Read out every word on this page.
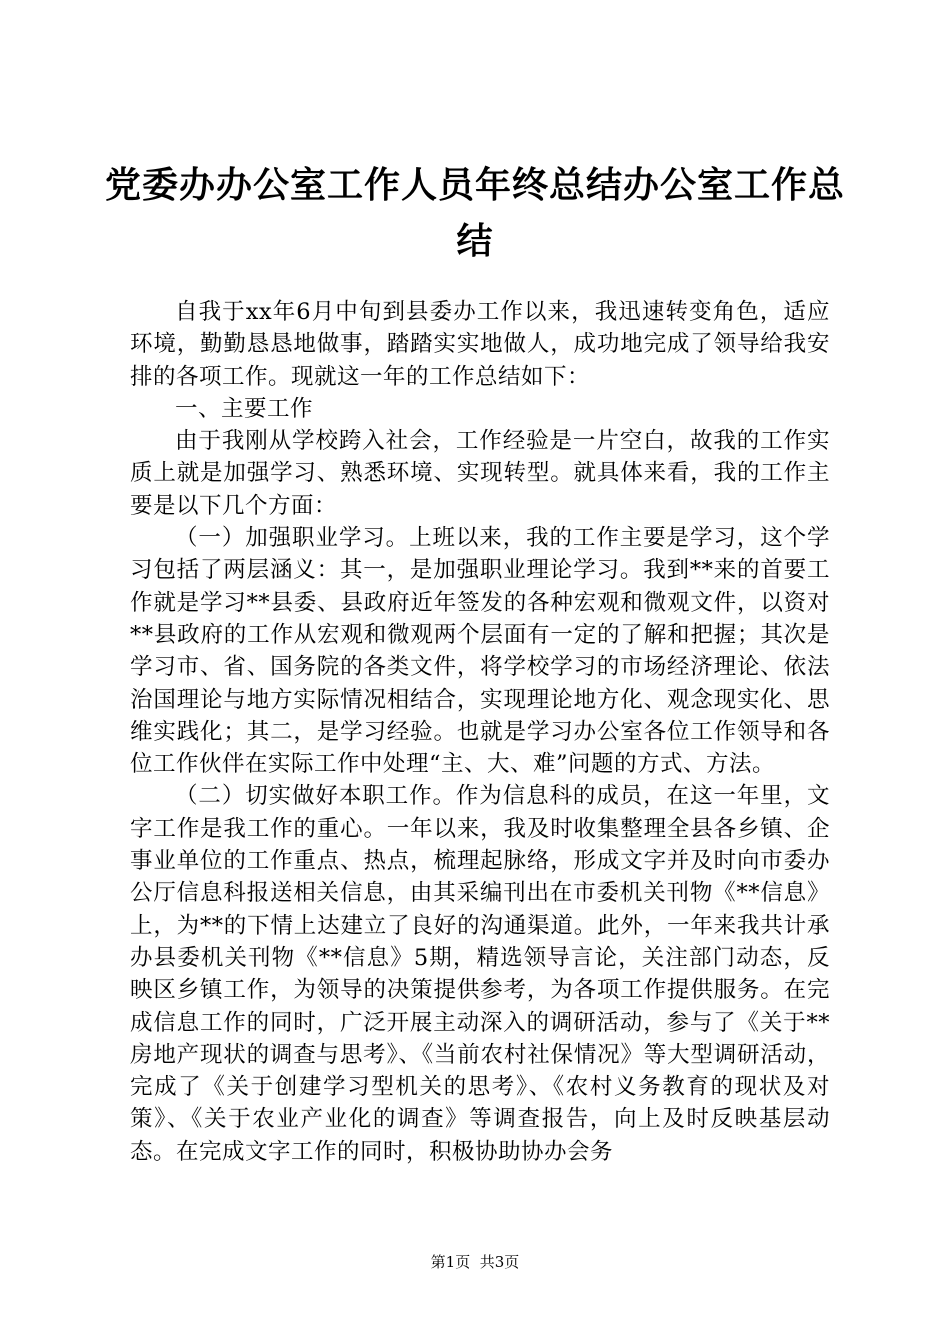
党委办办公室工作人员年终总结办公室工作总
结

自我于xx年6月中旬到县委办工作以来，我迅速转变角色，适应环境，勤勤恳恳地做事，踏踏实实地做人，成功地完成了领导给我安排的各项工作。现就这一年的工作总结如下：

一、主要工作

由于我刚从学校跨入社会，工作经验是一片空白，故我的工作实质上就是加强学习、熟悉环境、实现转型。就具体来看，我的工作主要是以下几个方面：

（一）加强职业学习。上班以来，我的工作主要是学习，这个学习包括了两层涵义：其一，是加强职业理论学习。我到**来的首要工作就是学习**县委、县政府近年签发的各种宏观和微观文件，以资对**县政府的工作从宏观和微观两个层面有一定的了解和把握；其次是学习市、省、国务院的各类文件，将学校学习的市场经济理论、依法治国理论与地方实际情况相结合，实现理论地方化、观念现实化、思维实践化；其二，是学习经验。也就是学习办公室各位工作领导和各位工作伙伴在实际工作中处理“主、大、难”问题的方式、方法。

（二）切实做好本职工作。作为信息科的成员，在这一年里，文字工作是我工作的重心。一年以来，我及时收集整理全县各乡镇、企事业单位的工作重点、热点，梳理起脉络，形成文字并及时向市委办公厅信息科报送相关信息，由其采编刊出在市委机关刊物《**信息》上，为**的下情上达建立了良好的沟通渠道。此外，一年来我共计承办县委机关刊物《**信息》5期，精选领导言论，关注部门动态，反映区乡镇工作，为领导的决策提供参考，为各项工作提供服务。在完成信息工作的同时，广泛开展主动深入的调研活动，参与了《关于**房地产现状的调查与思考》、《当前农村社保情况》等大型调研活动，完成了《关于创建学习型机关的思考》、《农村义务教育的现状及对策》、《关于农业产业化的调查》等调查报告，向上及时反映基层动态。在完成文字工作的同时，积极协助协办会务

第1页 共3页
